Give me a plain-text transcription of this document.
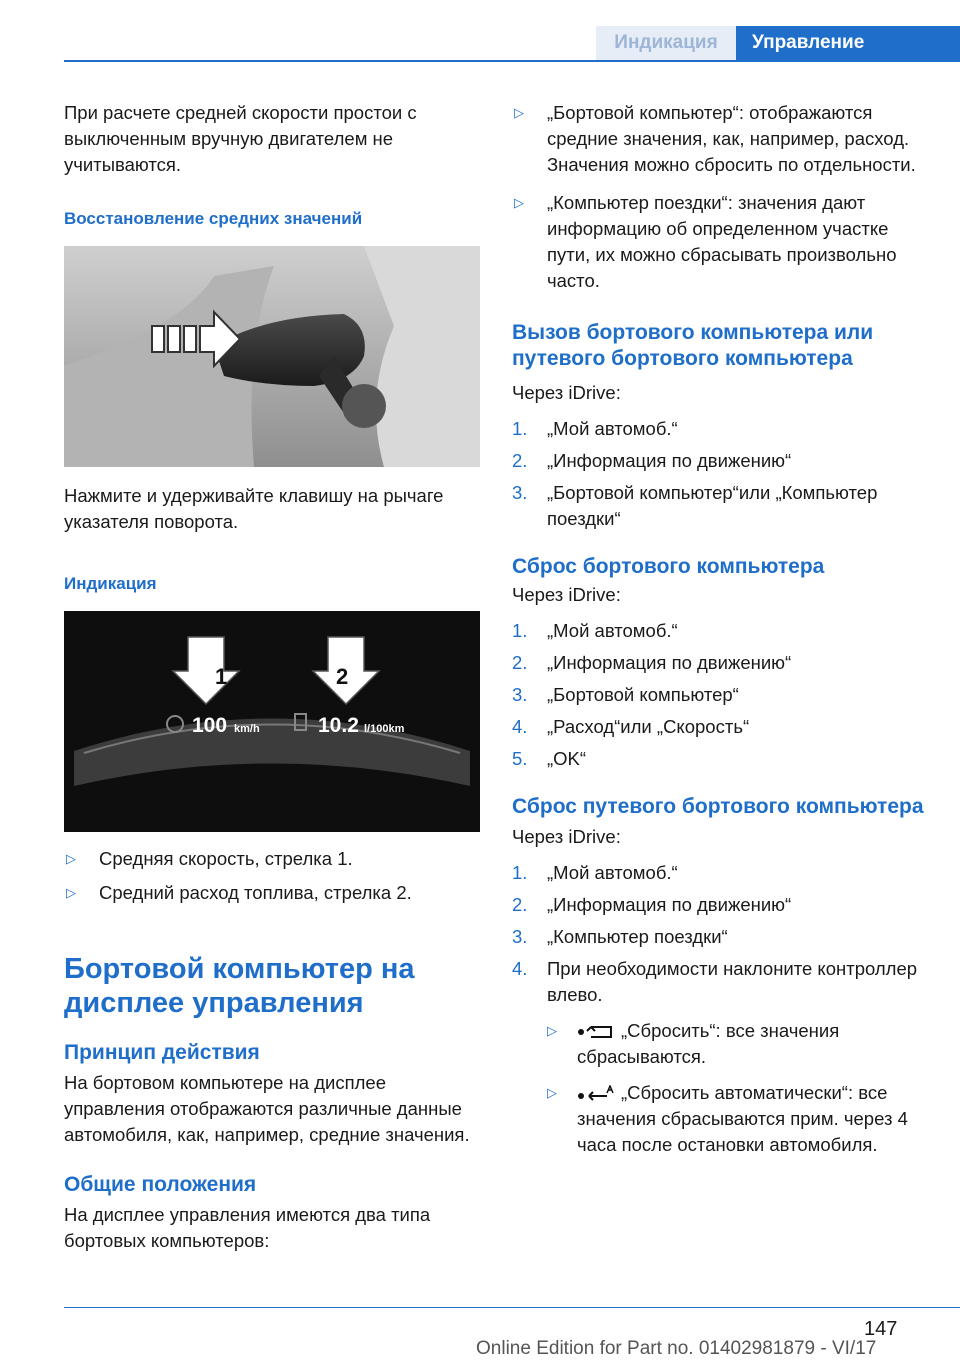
Индикация	Управление

При расчете средней скорости простои с выключенным вручную двигателем не учитываются.

Восстановление средних значений

Нажмите и удерживайте клавишу на рычаге указателя поворота.

Индикация

1	2
100 km/h	10.2 l/100km
▷ Средняя скорость, стрелка 1.
▷ Средний расход топлива, стрелка 2.

Бортовой компьютер на дисплее управления

Принцип действия

На бортовом компьютере на дисплее управления отображаются различные данные автомобиля, как, например, средние значения.

Общие положения

На дисплее управления имеются два типа бортовых компьютеров:

▷ „Бортовой компьютер“: отображаются средние значения, как, например, расход. Значения можно сбросить по отдельности.
▷ „Компьютер поездки“: значения дают информацию об определенном участке пути, их можно сбрасывать произвольно часто.

Вызов бортового компьютера или путевого бортового компьютера

Через iDrive:

1. „Мой автомоб.“
2. „Информация по движению“
3. „Бортовой компьютер“или „Компьютер поездки“

Сброс бортового компьютера

Через iDrive:

1. „Мой автомоб.“
2. „Информация по движению“
3. „Бортовой компьютер“
4. „Расход“или „Скорость“
5. „OK“

Сброс путевого бортового компьютера

Через iDrive:

1. „Мой автомоб.“
2. „Информация по движению“
3. „Компьютер поездки“
4. При необходимости наклоните контроллер влево.
▷	„Сбросить“: все значения сбрасываются.
▷	„Сбросить автоматически“: все значения сбрасываются прим. через 4 часа после остановки автомобиля.
147
Online Edition for Part no. 01402981879 - VI/17
